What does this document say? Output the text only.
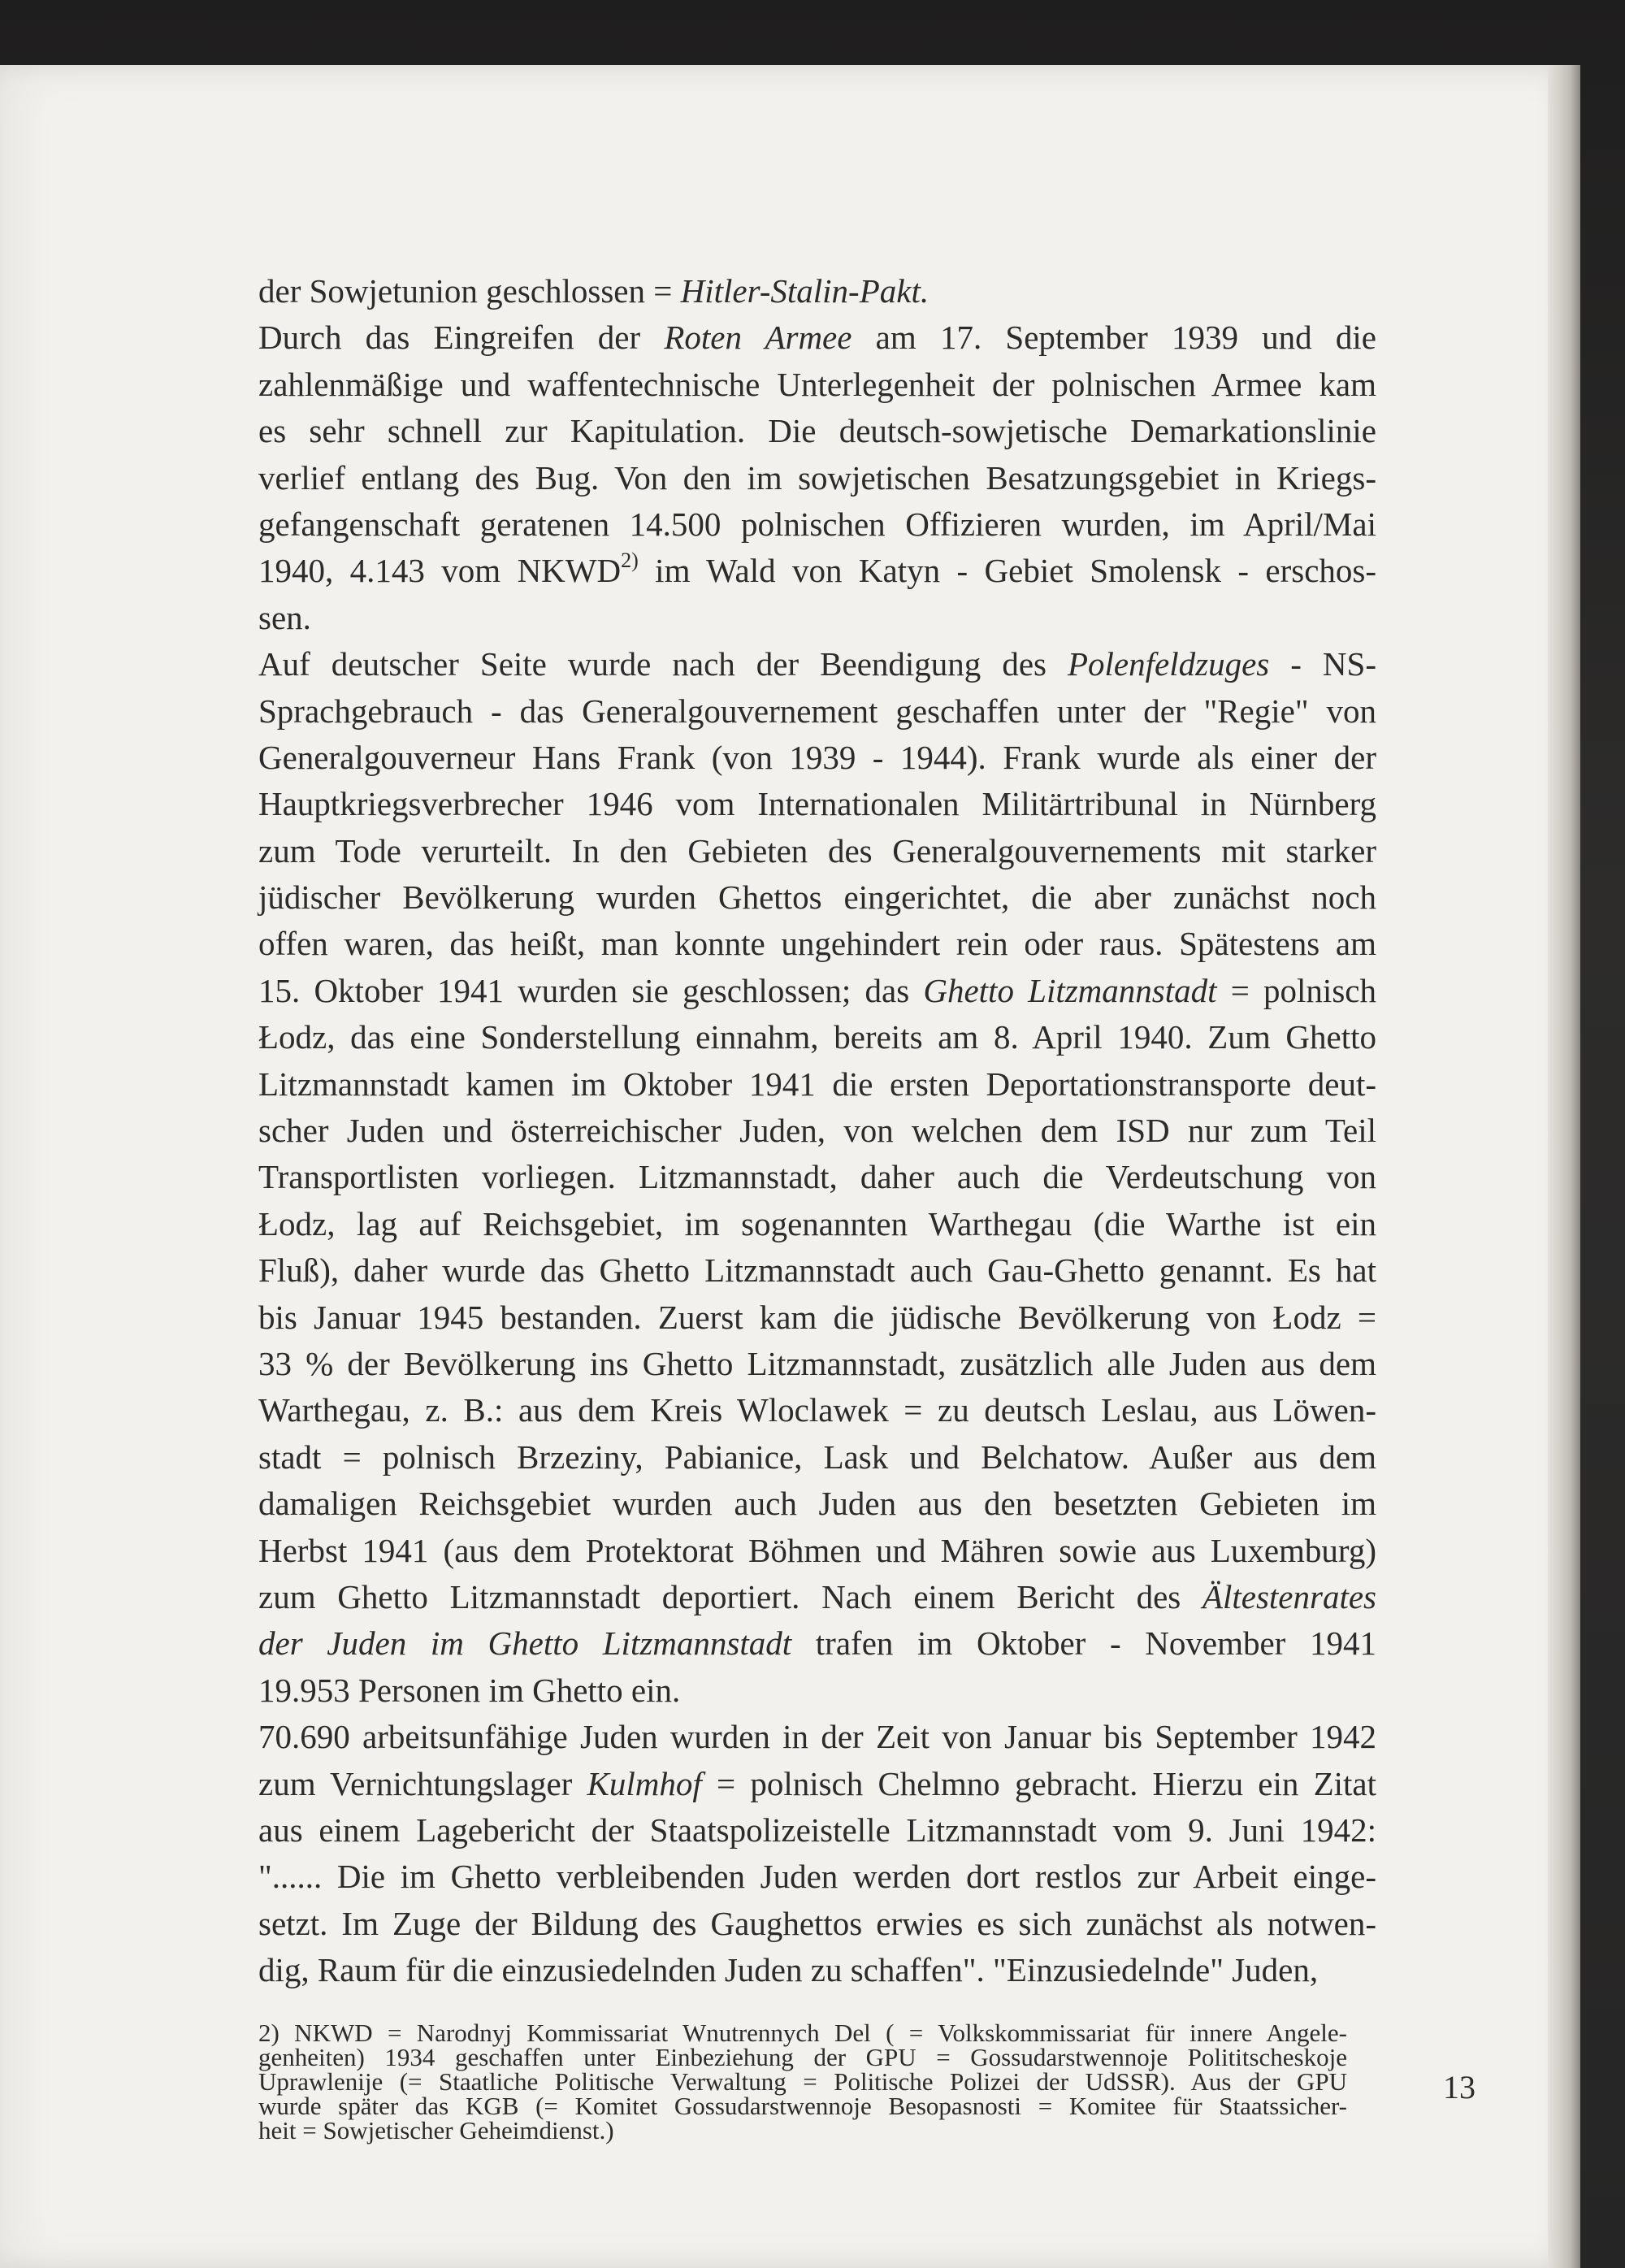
der Sowjetunion geschlossen = Hitler-Stalin-Pakt.
Durch das Eingreifen der Roten Armee am 17. September 1939 und die
zahlenmäßige und waffentechnische Unterlegenheit der polnischen Armee kam
es sehr schnell zur Kapitulation. Die deutsch-sowjetische Demarkationslinie
verlief entlang des Bug. Von den im sowjetischen Besatzungsgebiet in Kriegs-
gefangenschaft geratenen 14.500 polnischen Offizieren wurden, im April/Mai
1940, 4.143 vom NKWD$^{2)}$ im Wald von Katyn - Gebiet Smolensk - erschos-
sen.
Auf deutscher Seite wurde nach der Beendigung des Polenfeldzuges - NS-
Sprachgebrauch - das Generalgouvernement geschaffen unter der "Regie" von
Generalgouverneur Hans Frank (von 1939 - 1944). Frank wurde als einer der
Hauptkriegsverbrecher 1946 vom Internationalen Militärtribunal in Nürnberg
zum Tode verurteilt. In den Gebieten des Generalgouvernements mit starker
jüdischer Bevölkerung wurden Ghettos eingerichtet, die aber zunächst noch
offen waren, das heißt, man konnte ungehindert rein oder raus. Spätestens am
15. Oktober 1941 wurden sie geschlossen; das Ghetto Litzmannstadt = polnisch
Łodz, das eine Sonderstellung einnahm, bereits am 8. April 1940. Zum Ghetto
Litzmannstadt kamen im Oktober 1941 die ersten Deportationstransporte deut-
scher Juden und österreichischer Juden, von welchen dem ISD nur zum Teil
Transportlisten vorliegen. Litzmannstadt, daher auch die Verdeutschung von
Łodz, lag auf Reichsgebiet, im sogenannten Warthegau (die Warthe ist ein
Fluß), daher wurde das Ghetto Litzmannstadt auch Gau-Ghetto genannt. Es hat
bis Januar 1945 bestanden. Zuerst kam die jüdische Bevölkerung von Łodz =
33 % der Bevölkerung ins Ghetto Litzmannstadt, zusätzlich alle Juden aus dem
Warthegau, z. B.: aus dem Kreis Wloclawek = zu deutsch Leslau, aus Löwen-
stadt = polnisch Brzeziny, Pabianice, Lask und Belchatow. Außer aus dem
damaligen Reichsgebiet wurden auch Juden aus den besetzten Gebieten im
Herbst 1941 (aus dem Protektorat Böhmen und Mähren sowie aus Luxemburg)
zum Ghetto Litzmannstadt deportiert. Nach einem Bericht des Ältestenrates
der Juden im Ghetto Litzmannstadt trafen im Oktober - November 1941
19.953 Personen im Ghetto ein.
70.690 arbeitsunfähige Juden wurden in der Zeit von Januar bis September 1942
zum Vernichtungslager Kulmhof = polnisch Chelmno gebracht. Hierzu ein Zitat
aus einem Lagebericht der Staatspolizeistelle Litzmannstadt vom 9. Juni 1942:
"...... Die im Ghetto verbleibenden Juden werden dort restlos zur Arbeit einge-
setzt. Im Zuge der Bildung des Gaughettos erwies es sich zunächst als notwen-
dig, Raum für die einzusiedelnden Juden zu schaffen". "Einzusiedelnde" Juden,
2) NKWD = Narodnyj Kommissariat Wnutrennych Del ( = Volkskommissariat für innere Angele-
genheiten) 1934 geschaffen unter Einbeziehung der GPU = Gossudarstwennoje Polititscheskoje
Uprawlenije (= Staatliche Politische Verwaltung = Politische Polizei der UdSSR). Aus der GPU
wurde später das KGB (= Komitet Gossudarstwennoje Besopasnosti = Komitee für Staatssicher-
heit = Sowjetischer Geheimdienst.)
13
